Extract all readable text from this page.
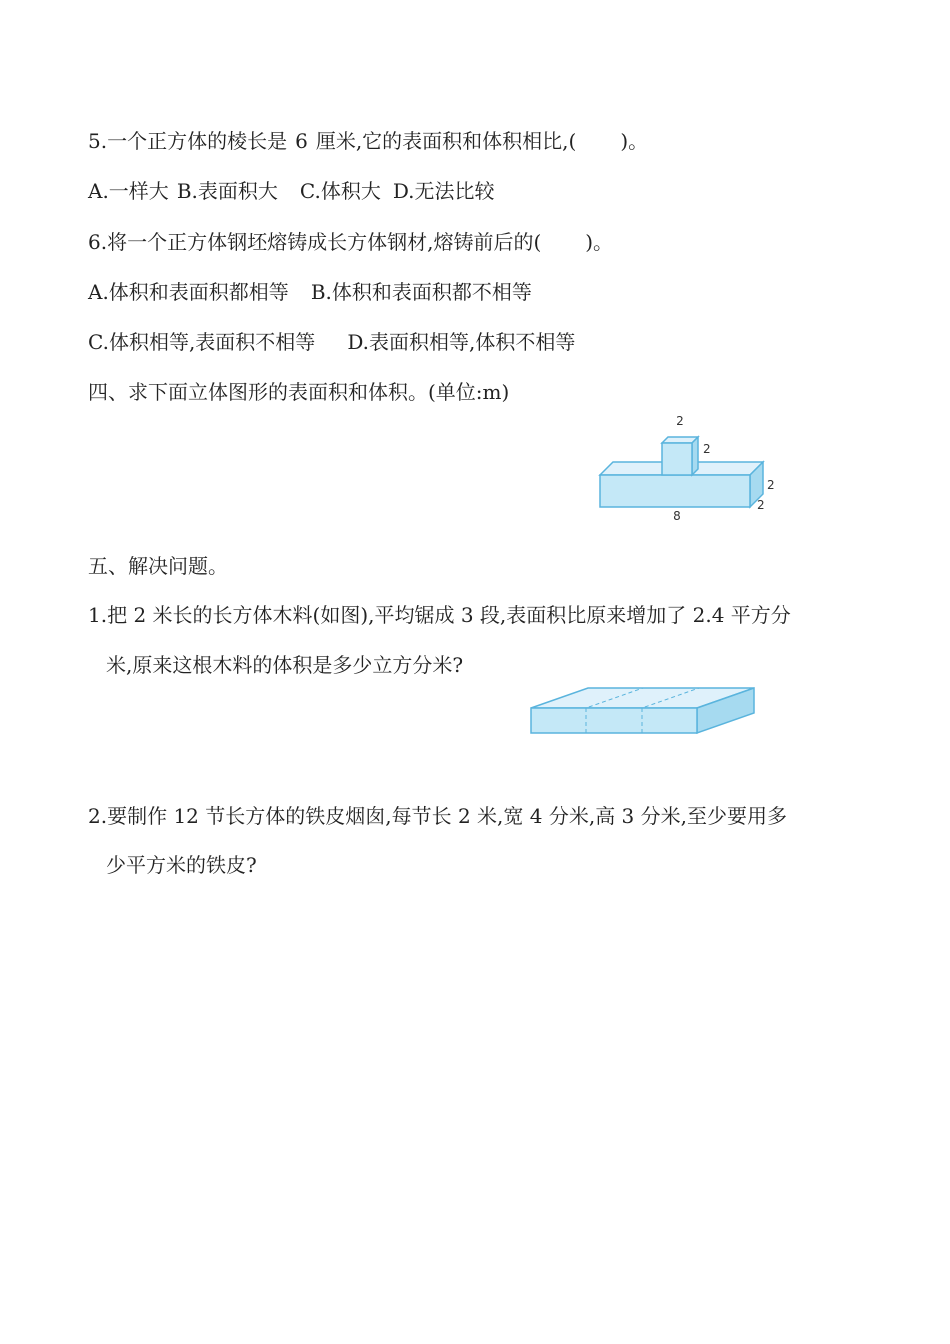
5.一个正方体的棱长是 6 厘米,它的表面积和体积相比,( )。
A.一样大 B.表面积大 C.体积大 D.无法比较
6.将一个正方体钢坯熔铸成长方体钢材,熔铸前后的( )。
A.体积和表面积都相等 B.体积和表面积都不相等
C.体积相等,表面积不相等 D.表面积相等,体积不相等
四、求下面立体图形的表面积和体积。(单位:m)
2
2
2
2
8
五、解决问题。
1.把 2 米长的长方体木料(如图),平均锯成 3 段,表面积比原来增加了 2.4 平方分
米,原来这根木料的体积是多少立方分米?
2.要制作 12 节长方体的铁皮烟囱,每节长 2 米,宽 4 分米,高 3 分米,至少要用多
少平方米的铁皮?
